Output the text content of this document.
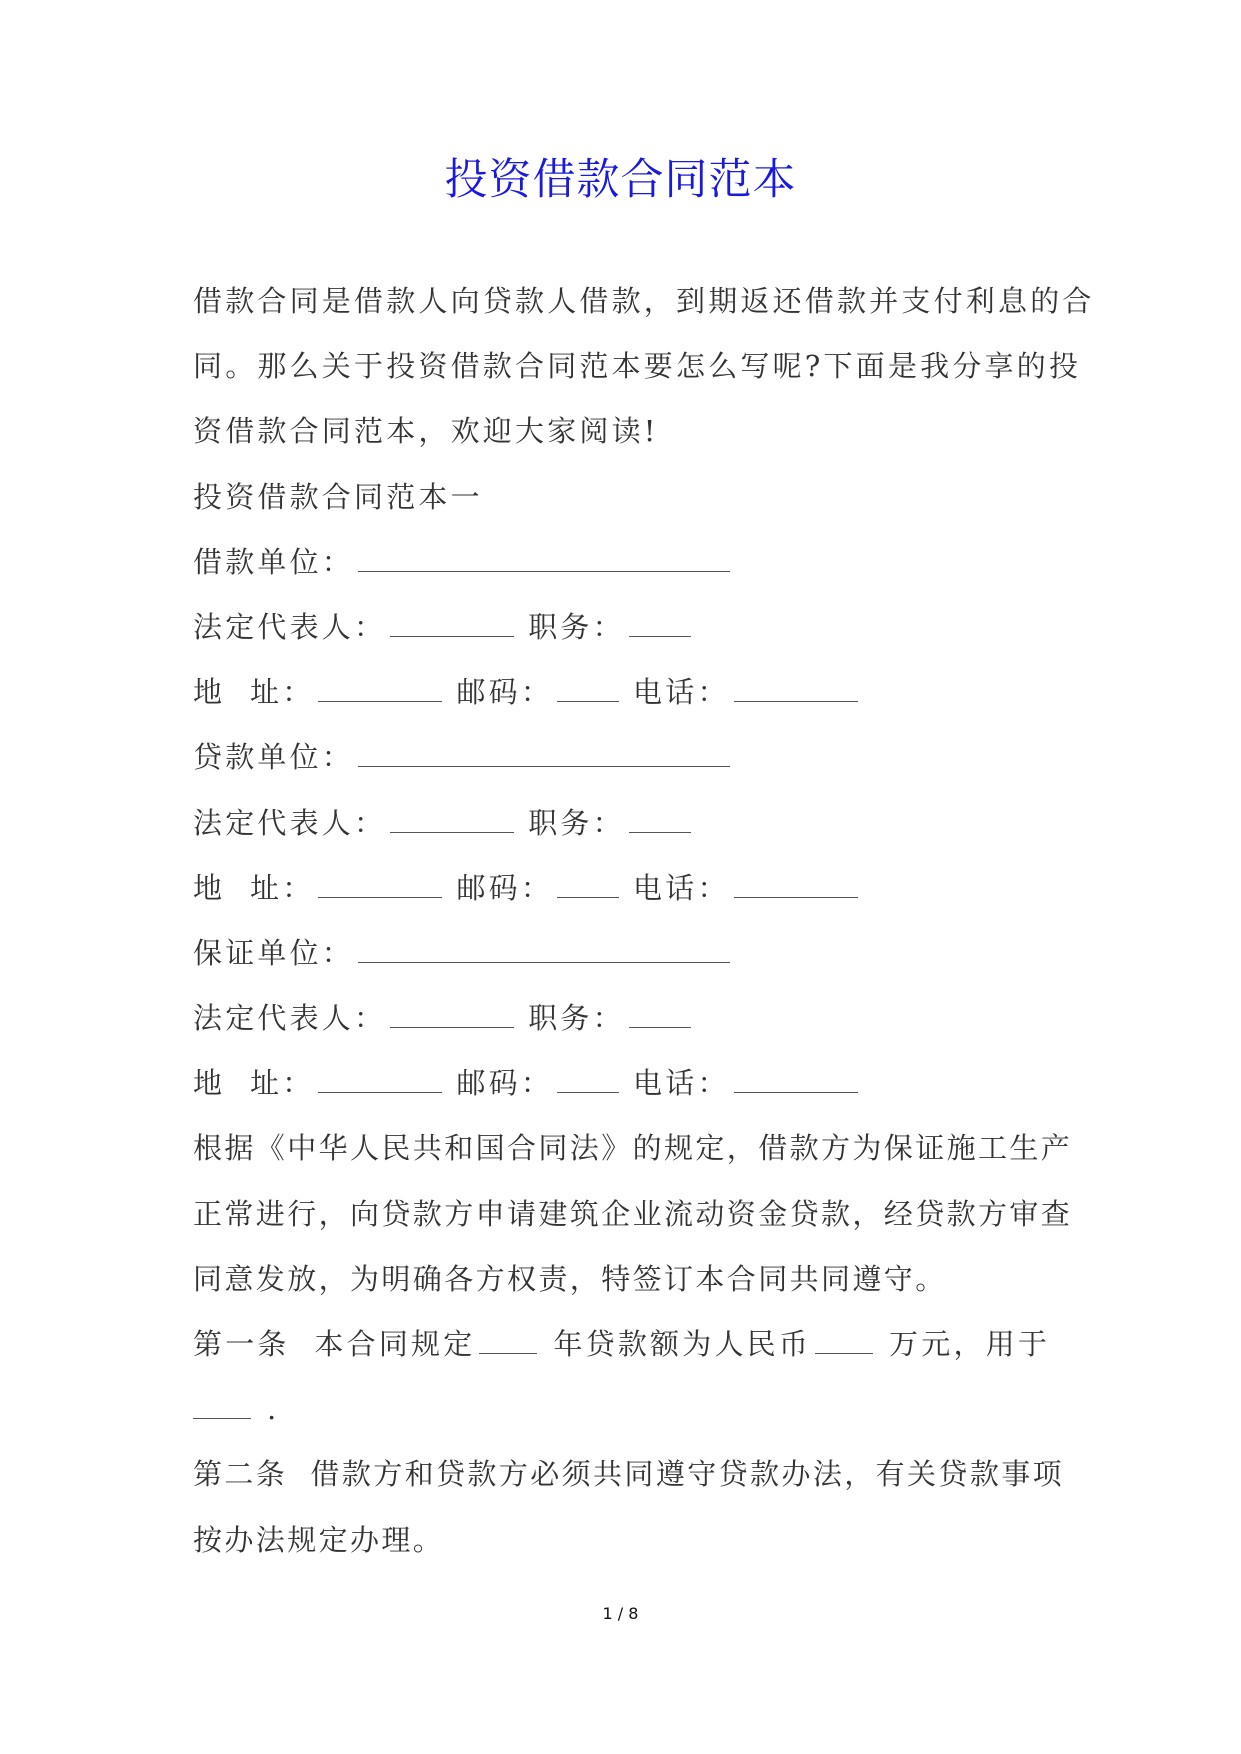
投资借款合同范本
借款合同是借款人向贷款人借款，到期返还借款并支付利息的合
同。那么关于投资借款合同范本要怎么写呢?下面是我分享的投
资借款合同范本，欢迎大家阅读!
投资借款合同范本一
借款单位：
法定代表人：	职务：
地  址：	邮码：	电话：
贷款单位：
法定代表人：	职务：
地  址：	邮码：	电话：
保证单位：
法定代表人：	职务：
地  址：	邮码：	电话：
根据《中华人民共和国合同法》的规定，借款方为保证施工生产
正常进行，向贷款方申请建筑企业流动资金贷款，经贷款方审查
同意发放，为明确各方权责，特签订本合同共同遵守。
第一条  本合同规定	年贷款额为人民币	万元，用于
.
第二条  借款方和贷款方必须共同遵守贷款办法，有关贷款事项
按办法规定办理。
1 / 8
